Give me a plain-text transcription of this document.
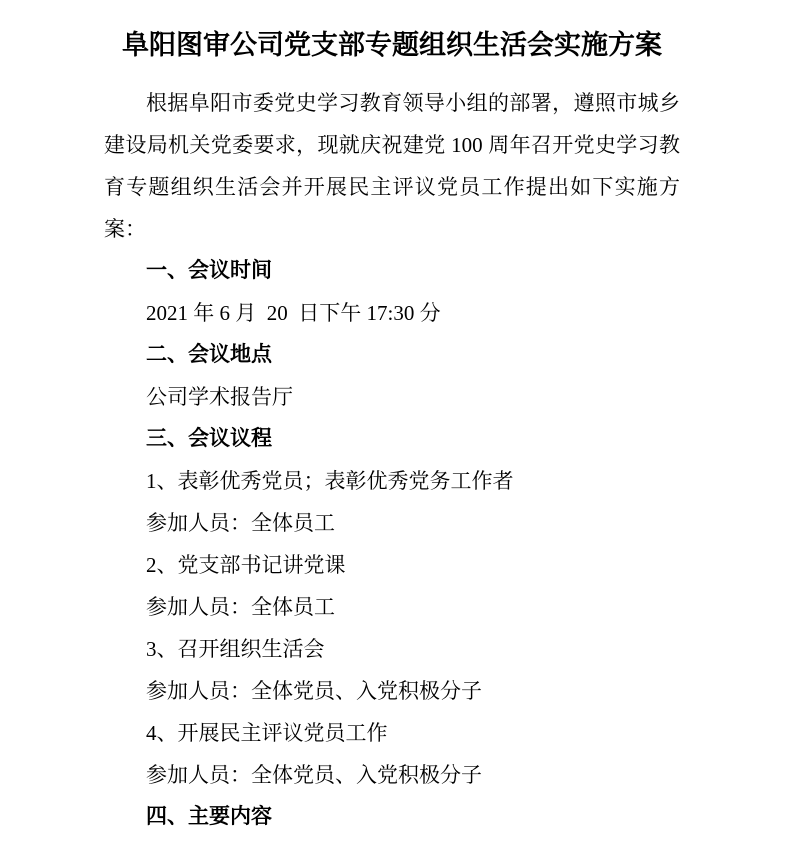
阜阳图审公司党支部专题组织生活会实施方案
根据阜阳市委党史学习教育领导小组的部署，遵照市城乡
建设局机关党委要求，现就庆祝建党 100 周年召开党史学习教
育专题组织生活会并开展民主评议党员工作提出如下实施方
案：
一、会议时间
2021 年 6 月  20  日下午 17:30 分
二、会议地点
公司学术报告厅
三、会议议程
1、表彰优秀党员；表彰优秀党务工作者
参加人员：全体员工
2、党支部书记讲党课
参加人员：全体员工
3、召开组织生活会
参加人员：全体党员、入党积极分子
4、开展民主评议党员工作
参加人员：全体党员、入党积极分子
四、主要内容
